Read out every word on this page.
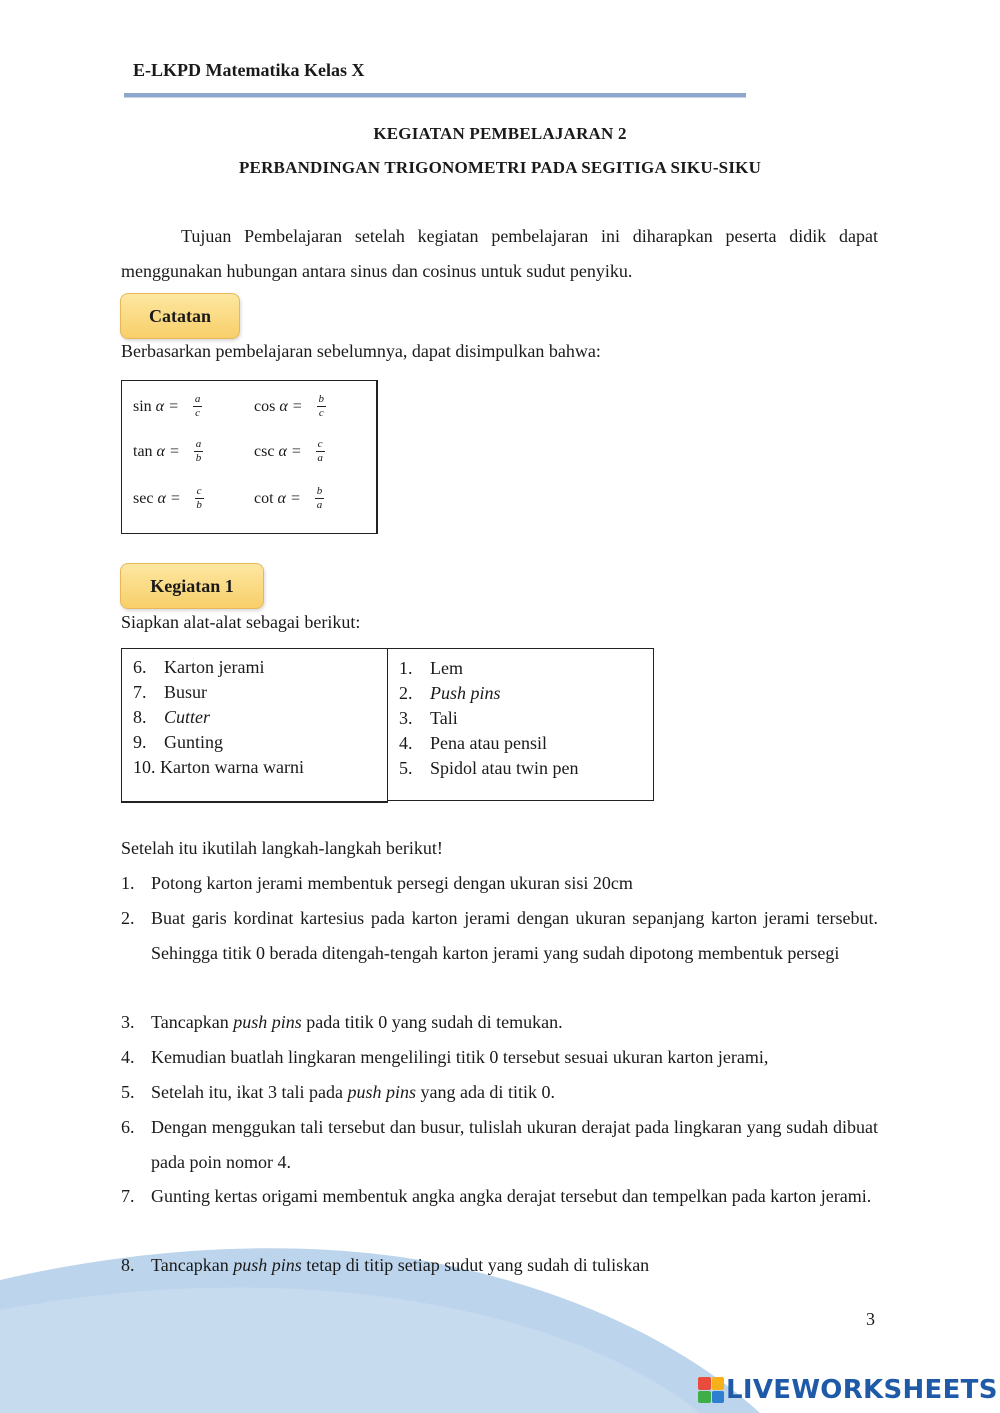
E-LKPD Matematika Kelas X
KEGIATAN PEMBELAJARAN 2
PERBANDINGAN TRIGONOMETRI PADA SEGITIGA SIKU-SIKU
Tujuan Pembelajaran setelah kegiatan pembelajaran ini diharapkan peserta didik dapat menggunakan hubungan antara sinus dan cosinus untuk sudut penyiku.
Catatan
Berbasarkan pembelajaran sebelumnya, dapat disimpulkan bahwa:
$\sin \alpha = \frac{a}{c}$	$\cos \alpha = \frac{b}{c}$
$\tan \alpha = \frac{a}{b}$	$\csc \alpha = \frac{c}{a}$
$\sec \alpha = \frac{c}{b}$	$\cot \alpha = \frac{b}{a}$
Kegiatan 1
Siapkan alat-alat sebagai berikut:
6. Karton jerami
7. Busur
8. Cutter
9. Gunting
10. Karton warna warni
1. Lem
2. Push pins
3. Tali
4. Pena atau pensil
5. Spidol atau twin pen
Setelah itu ikutilah langkah-langkah berikut!
1. Potong karton jerami membentuk persegi dengan ukuran sisi 20cm
2. Buat garis kordinat kartesius pada karton jerami dengan ukuran sepanjang karton jerami tersebut. Sehingga titik 0 berada ditengah-tengah karton jerami yang sudah dipotong membentuk persegi
3. Tancapkan push pins pada titik 0 yang sudah di temukan.
4. Kemudian buatlah lingkaran mengelilingi titik 0 tersebut sesuai ukuran karton jerami,
5. Setelah itu, ikat 3 tali pada push pins yang ada di titik 0.
6. Dengan menggukan tali tersebut dan busur, tulislah ukuran derajat pada lingkaran yang sudah dibuat pada poin nomor 4.
7. Gunting kertas origami membentuk angka angka derajat tersebut dan tempelkan pada karton jerami.
8. Tancapkan push pins tetap di titip setiap sudut yang sudah di tuliskan
3
LIVEWORKSHEETS
